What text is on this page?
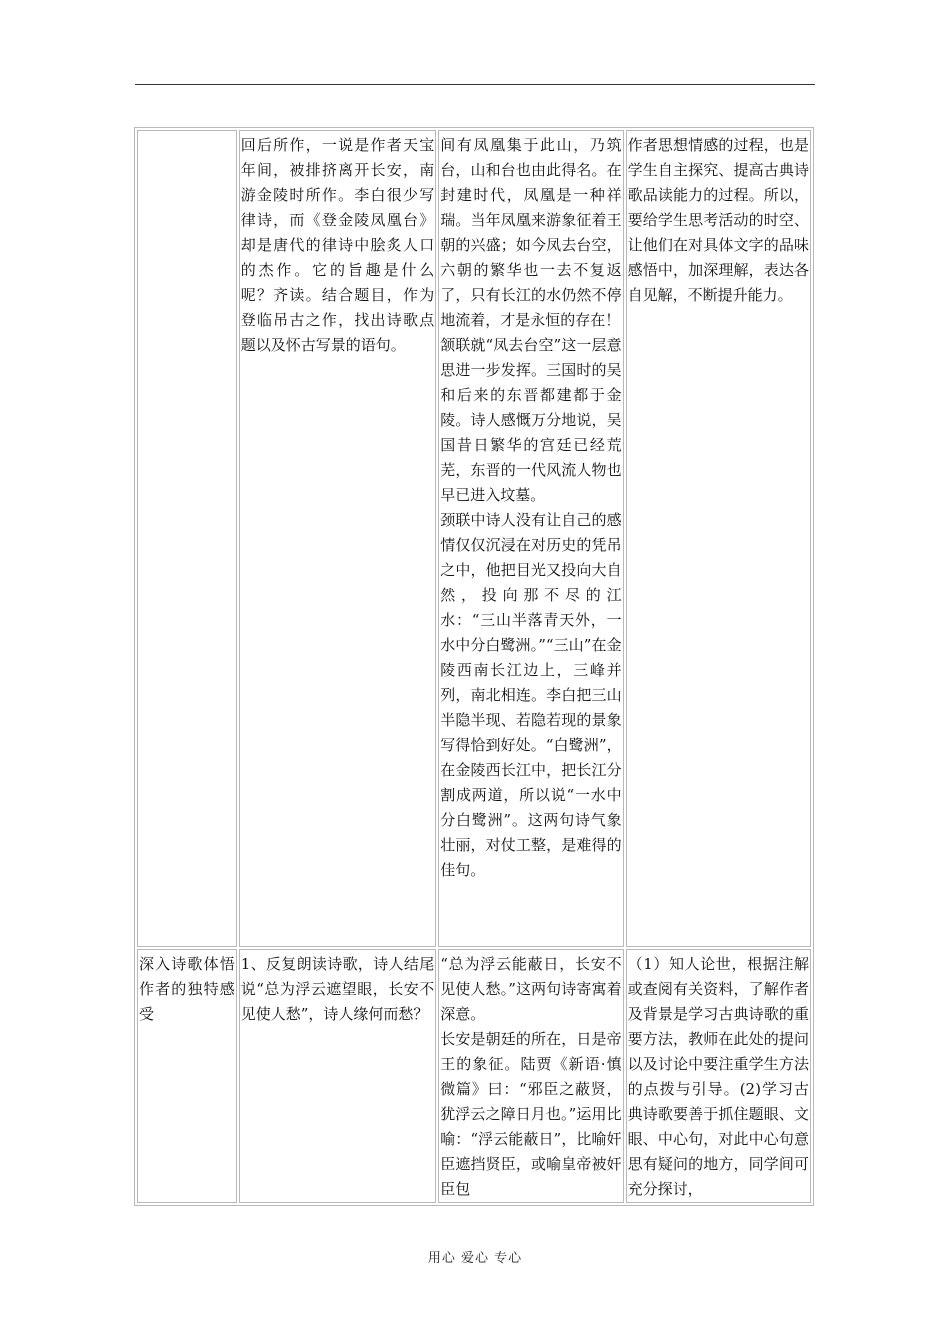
	回后所作，一说是作者天宝年间，被排挤离开长安，南游金陵时所作。李白很少写律诗，而《登金陵凤凰台》却是唐代的律诗中脍炙人口的杰作。它的旨趣是什么呢？齐读。结合题目，作为登临吊古之作，找出诗歌点题以及怀古写景的语句。	间有凤凰集于此山，乃筑台，山和台也由此得名。在封建时代，凤凰是一种祥瑞。当年凤凰来游象征着王朝的兴盛；如今凤去台空，六朝的繁华也一去不复返了，只有长江的水仍然不停地流着，才是永恒的存在！
颔联就“凤去台空”这一层意思进一步发挥。三国时的吴和后来的东晋都建都于金陵。诗人感慨万分地说，吴国昔日繁华的宫廷已经荒芜，东晋的一代风流人物也早已进入坟墓。
颈联中诗人没有让自己的感情仅仅沉浸在对历史的凭吊之中，他把目光又投向大自然，投向那不尽的江水：“三山半落青天外，一水中分白鹭洲。”“三山”在金陵西南长江边上，三峰并列，南北相连。李白把三山半隐半现、若隐若现的景象写得恰到好处。“白鹭洲”，在金陵西长江中，把长江分割成两道，所以说“一水中分白鹭洲”。这两句诗气象壮丽，对仗工整，是难得的佳句。	作者思想情感的过程，也是学生自主探究、提高古典诗歌品读能力的过程。所以，要给学生思考活动的时空、让他们在对具体文字的品味感悟中，加深理解，表达各自见解，不断提升能力。

深入诗歌体悟作者的独特感受	1、反复朗读诗歌，诗人结尾说“总为浮云遮望眼，长安不见使人愁”，诗人缘何而愁？	“总为浮云能蔽日，长安不见使人愁。”这两句诗寄寓着深意。
长安是朝廷的所在，日是帝王的象征。陆贾《新语·慎微篇》曰：“邪臣之蔽贤，犹浮云之障日月也。”运用比喻：“浮云能蔽日”，比喻奸臣遮挡贤臣，或喻皇帝被奸臣包	（1）知人论世，根据注解或查阅有关资料，了解作者及背景是学习古典诗歌的重要方法，教师在此处的提问以及讨论中要注重学生方法的点拨与引导。(2)学习古典诗歌要善于抓住题眼、文眼、中心句，对此中心句意思有疑问的地方，同学间可充分探讨，
用心 爱心 专心
